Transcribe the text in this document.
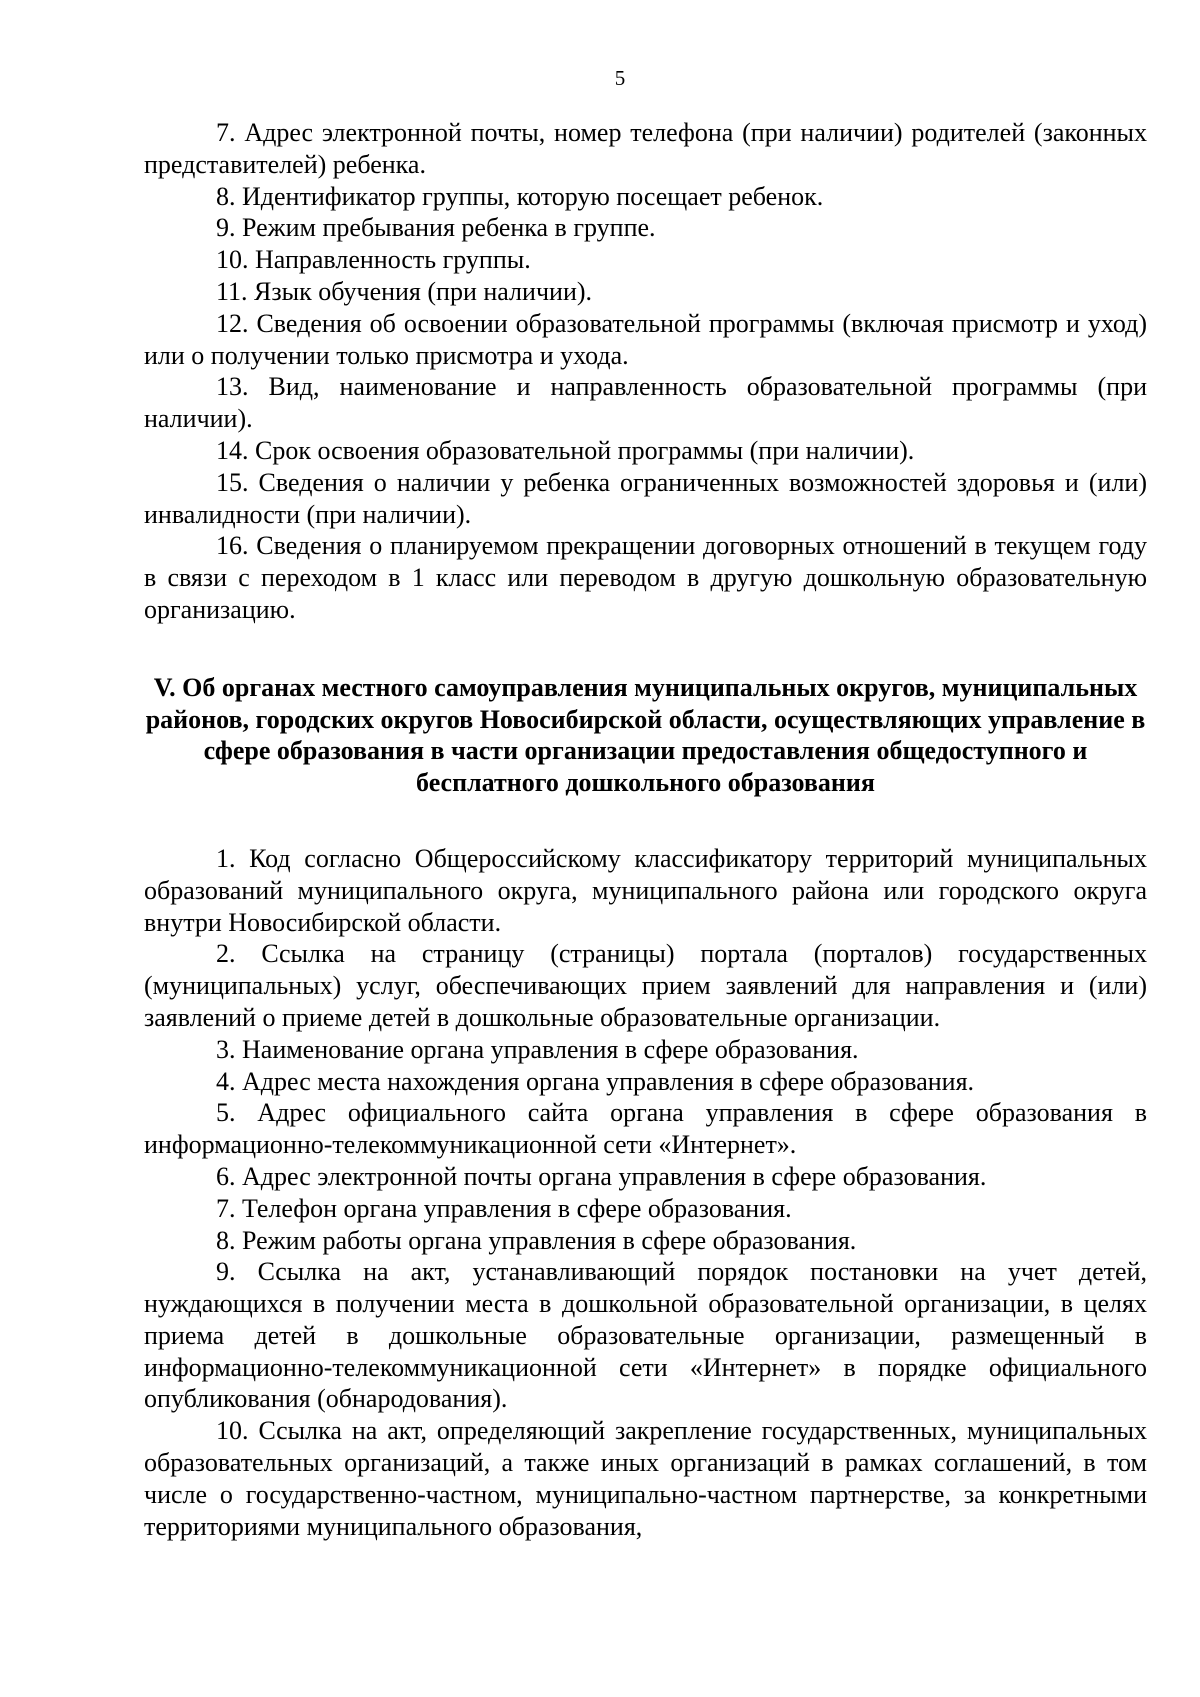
5

7. Адрес электронной почты, номер телефона (при наличии) родителей (законных представителей) ребенка.

8. Идентификатор группы, которую посещает ребенок.

9. Режим пребывания ребенка в группе.

10. Направленность группы.

11. Язык обучения (при наличии).

12. Сведения об освоении образовательной программы (включая присмотр и уход) или о получении только присмотра и ухода.

13. Вид, наименование и направленность образовательной программы (при наличии).

14. Срок освоения образовательной программы (при наличии).

15. Сведения о наличии у ребенка ограниченных возможностей здоровья и (или) инвалидности (при наличии).

16. Сведения о планируемом прекращении договорных отношений в текущем году в связи с переходом в 1 класс или переводом в другую дошкольную образовательную организацию.

V. Об органах местного самоуправления муниципальных округов, муниципальных районов, городских округов Новосибирской области, осуществляющих управление в сфере образования в части организации предоставления общедоступного и бесплатного дошкольного образования

1. Код согласно Общероссийскому классификатору территорий муниципальных образований муниципального округа, муниципального района или городского округа внутри Новосибирской области.

2. Ссылка на страницу (страницы) портала (порталов) государственных (муниципальных) услуг, обеспечивающих прием заявлений для направления и (или) заявлений о приеме детей в дошкольные образовательные организации.

3. Наименование органа управления в сфере образования.

4. Адрес места нахождения органа управления в сфере образования.

5. Адрес официального сайта органа управления в сфере образования в информационно-телекоммуникационной сети «Интернет».

6. Адрес электронной почты органа управления в сфере образования.

7. Телефон органа управления в сфере образования.

8. Режим работы органа управления в сфере образования.

9. Ссылка на акт, устанавливающий порядок постановки на учет детей, нуждающихся в получении места в дошкольной образовательной организации, в целях приема детей в дошкольные образовательные организации, размещенный в информационно-телекоммуникационной сети «Интернет» в порядке официального опубликования (обнародования).

10. Ссылка на акт, определяющий закрепление государственных, муниципальных образовательных организаций, а также иных организаций в рамках соглашений, в том числе о государственно-частном, муниципально-частном партнерстве, за конкретными территориями муниципального образования,
